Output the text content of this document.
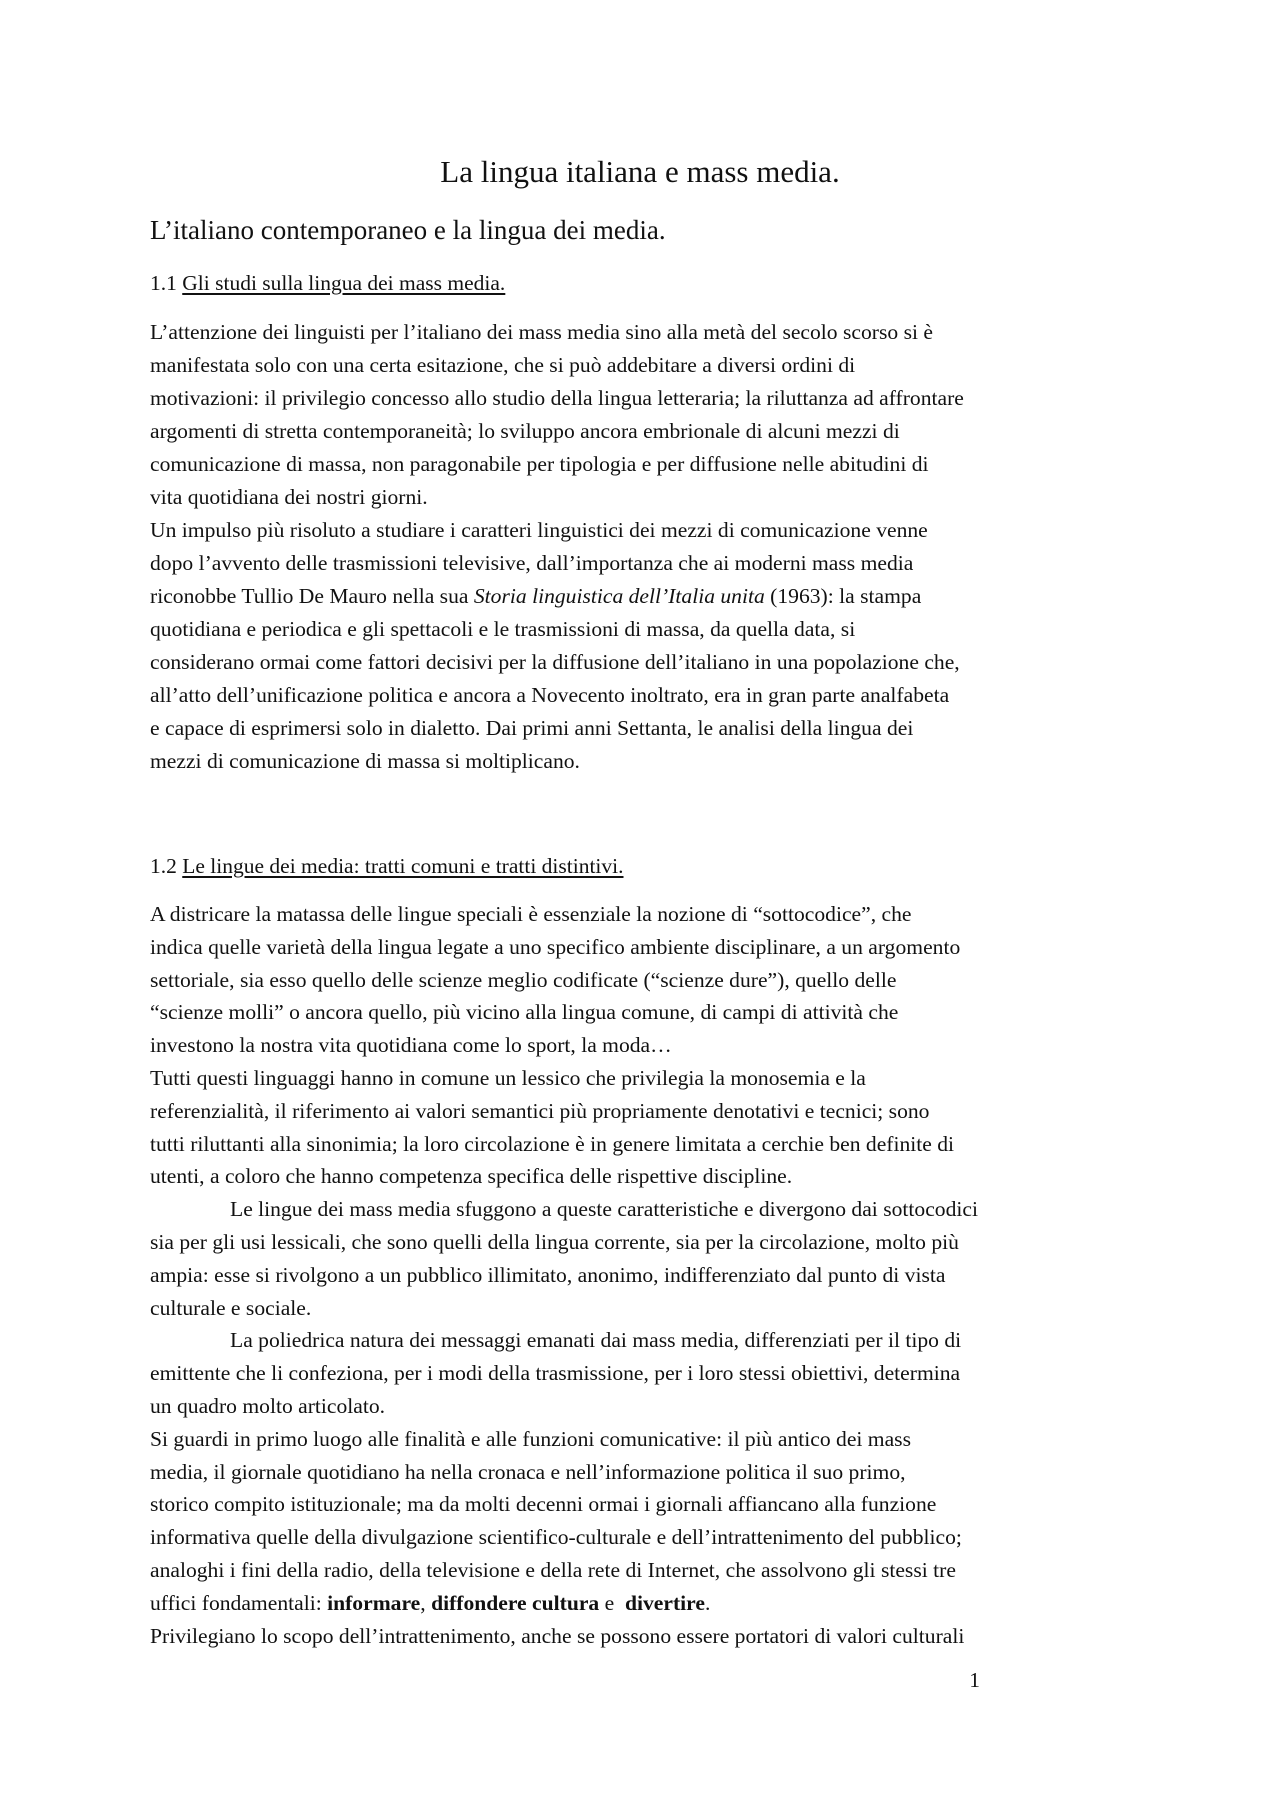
La lingua italiana e mass media.
L’italiano contemporaneo e la lingua dei media.
1.1 Gli studi sulla lingua dei mass media.
L’attenzione dei linguisti per l’italiano dei mass media sino alla metà del secolo scorso si è
manifestata solo con una certa esitazione, che si può addebitare a diversi ordini di
motivazioni: il privilegio concesso allo studio della lingua letteraria; la riluttanza ad affrontare
argomenti di stretta contemporaneità; lo sviluppo ancora embrionale di alcuni mezzi di
comunicazione di massa, non paragonabile per tipologia e per diffusione nelle abitudini di
vita quotidiana dei nostri giorni.
Un impulso più risoluto a studiare i caratteri linguistici dei mezzi di comunicazione venne
dopo l’avvento delle trasmissioni televisive, dall’importanza che ai moderni mass media
riconobbe Tullio De Mauro nella sua Storia linguistica dell’Italia unita (1963): la stampa
quotidiana e periodica e gli spettacoli e le trasmissioni di massa, da quella data, si
considerano ormai come fattori decisivi per la diffusione dell’italiano in una popolazione che,
all’atto dell’unificazione politica e ancora a Novecento inoltrato, era in gran parte analfabeta
e capace di esprimersi solo in dialetto. Dai primi anni Settanta, le analisi della lingua dei
mezzi di comunicazione di massa si moltiplicano.
1.2 Le lingue dei media: tratti comuni e tratti distintivi.
A districare la matassa delle lingue speciali è essenziale la nozione di “sottocodice”, che
indica quelle varietà della lingua legate a uno specifico ambiente disciplinare, a un argomento
settoriale, sia esso quello delle scienze meglio codificate (“scienze dure”), quello delle
“scienze molli” o ancora quello, più vicino alla lingua comune, di campi di attività che
investono la nostra vita quotidiana come lo sport, la moda…
Tutti questi linguaggi hanno in comune un lessico che privilegia la monosemia e la
referenzialità, il riferimento ai valori semantici più propriamente denotativi e tecnici; sono
tutti riluttanti alla sinonimia; la loro circolazione è in genere limitata a cerchie ben definite di
utenti, a coloro che hanno competenza specifica delle rispettive discipline.
Le lingue dei mass media sfuggono a queste caratteristiche e divergono dai sottocodici
sia per gli usi lessicali, che sono quelli della lingua corrente, sia per la circolazione, molto più
ampia: esse si rivolgono a un pubblico illimitato, anonimo, indifferenziato dal punto di vista
culturale e sociale.
La poliedrica natura dei messaggi emanati dai mass media, differenziati per il tipo di
emittente che li confeziona, per i modi della trasmissione, per i loro stessi obiettivi, determina
un quadro molto articolato.
Si guardi in primo luogo alle finalità e alle funzioni comunicative: il più antico dei mass
media, il giornale quotidiano ha nella cronaca e nell’informazione politica il suo primo,
storico compito istituzionale; ma da molti decenni ormai i giornali affiancano alla funzione
informativa quelle della divulgazione scientifico-culturale e dell’intrattenimento del pubblico;
analoghi i fini della radio, della televisione e della rete di Internet, che assolvono gli stessi tre
uffici fondamentali: informare, diffondere cultura e  divertire.
Privilegiano lo scopo dell’intrattenimento, anche se possono essere portatori di valori culturali
1
